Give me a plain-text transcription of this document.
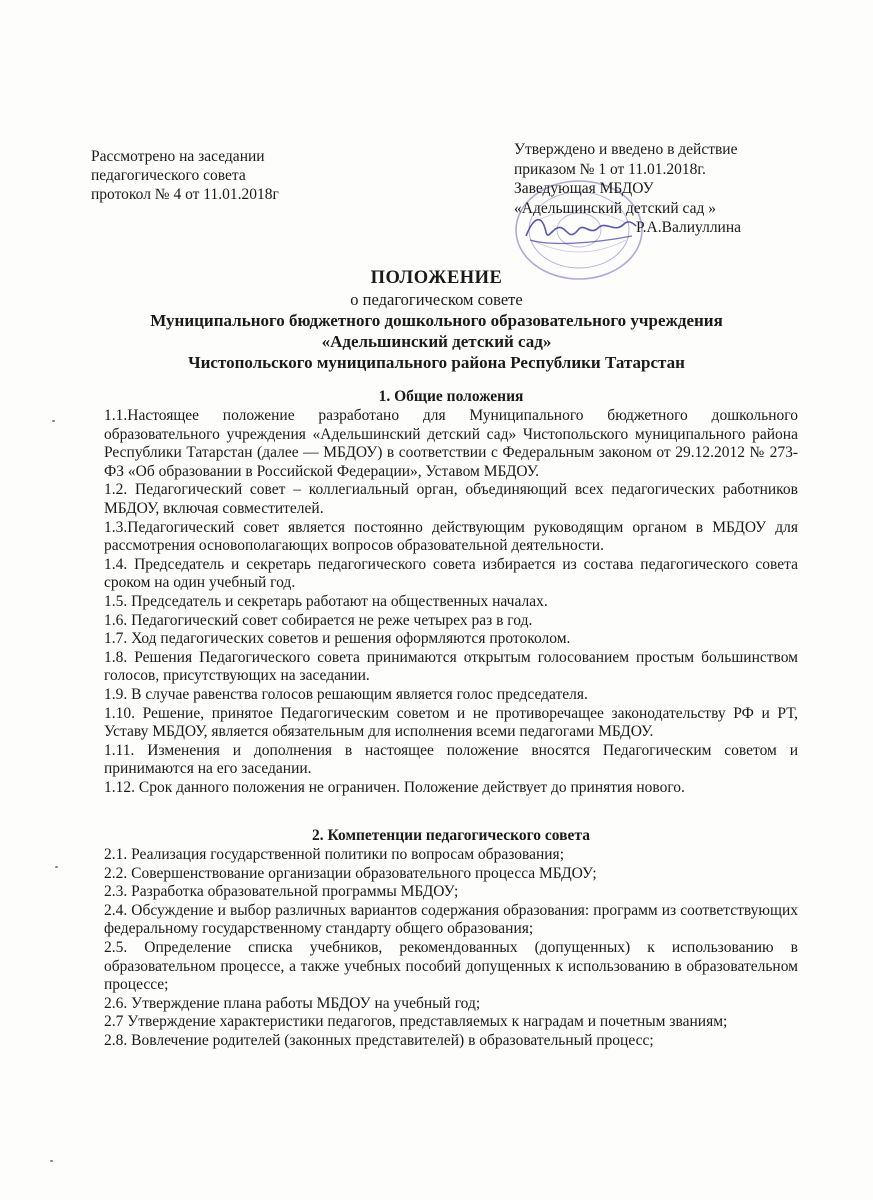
Рассмотрено на заседании
педагогического совета
протокол № 4 от 11.01.2018г
Утверждено и введено в действие
приказом № 1 от 11.01.2018г.
Заведующая МБДОУ
«Адельшинский детский сад »
Р.А.Валиуллина
ПОЛОЖЕНИЕ
о педагогическом совете
Муниципального бюджетного дошкольного образовательного учреждения
«Адельшинский детский сад»
Чистопольского муниципального района Республики Татарстан
1. Общие положения

1.1.Настоящее положение разработано для Муниципального бюджетного дошкольного образовательного учреждения «Адельшинский детский сад» Чистопольского муниципального района Республики Татарстан (далее — МБДОУ) в соответствии с Федеральным законом от 29.12.2012 № 273-ФЗ «Об образовании в Российской Федерации», Уставом МБДОУ.

1.2. Педагогический совет – коллегиальный орган, объединяющий всех педагогических работников МБДОУ, включая совместителей.

1.3.Педагогический совет является постоянно действующим руководящим органом в МБДОУ для рассмотрения основополагающих вопросов образовательной деятельности.

1.4. Председатель и секретарь педагогического совета избирается из состава педагогического совета сроком на один учебный год.

1.5. Председатель и секретарь работают на общественных началах.

1.6. Педагогический совет собирается не реже четырех раз в год.

1.7. Ход педагогических советов и решения оформляются протоколом.

1.8. Решения Педагогического совета принимаются открытым голосованием простым большинством голосов, присутствующих на заседании.

1.9. В случае равенства голосов решающим является голос председателя.

1.10. Решение, принятое Педагогическим советом и не противоречащее законодательству РФ и РТ, Уставу МБДОУ, является обязательным для исполнения всеми педагогами МБДОУ.

1.11. Изменения и дополнения в настоящее положение вносятся Педагогическим советом и принимаются на его заседании.

1.12. Срок данного положения не ограничен. Положение действует до принятия нового.

2. Компетенции педагогического совета

2.1. Реализация государственной политики по вопросам образования;

2.2. Совершенствование организации образовательного процесса МБДОУ;

2.3. Разработка образовательной программы МБДОУ;

2.4. Обсуждение и выбор различных вариантов содержания образования: программ из соответствующих федеральному государственному стандарту общего образования;

2.5. Определение списка учебников, рекомендованных (допущенных) к использованию в образовательном процессе, а также учебных пособий допущенных к использованию в образовательном процессе;

2.6. Утверждение плана работы МБДОУ на учебный год;

2.7 Утверждение характеристики педагогов, представляемых к наградам и почетным званиям;

2.8. Вовлечение родителей (законных представителей) в образовательный процесс;
